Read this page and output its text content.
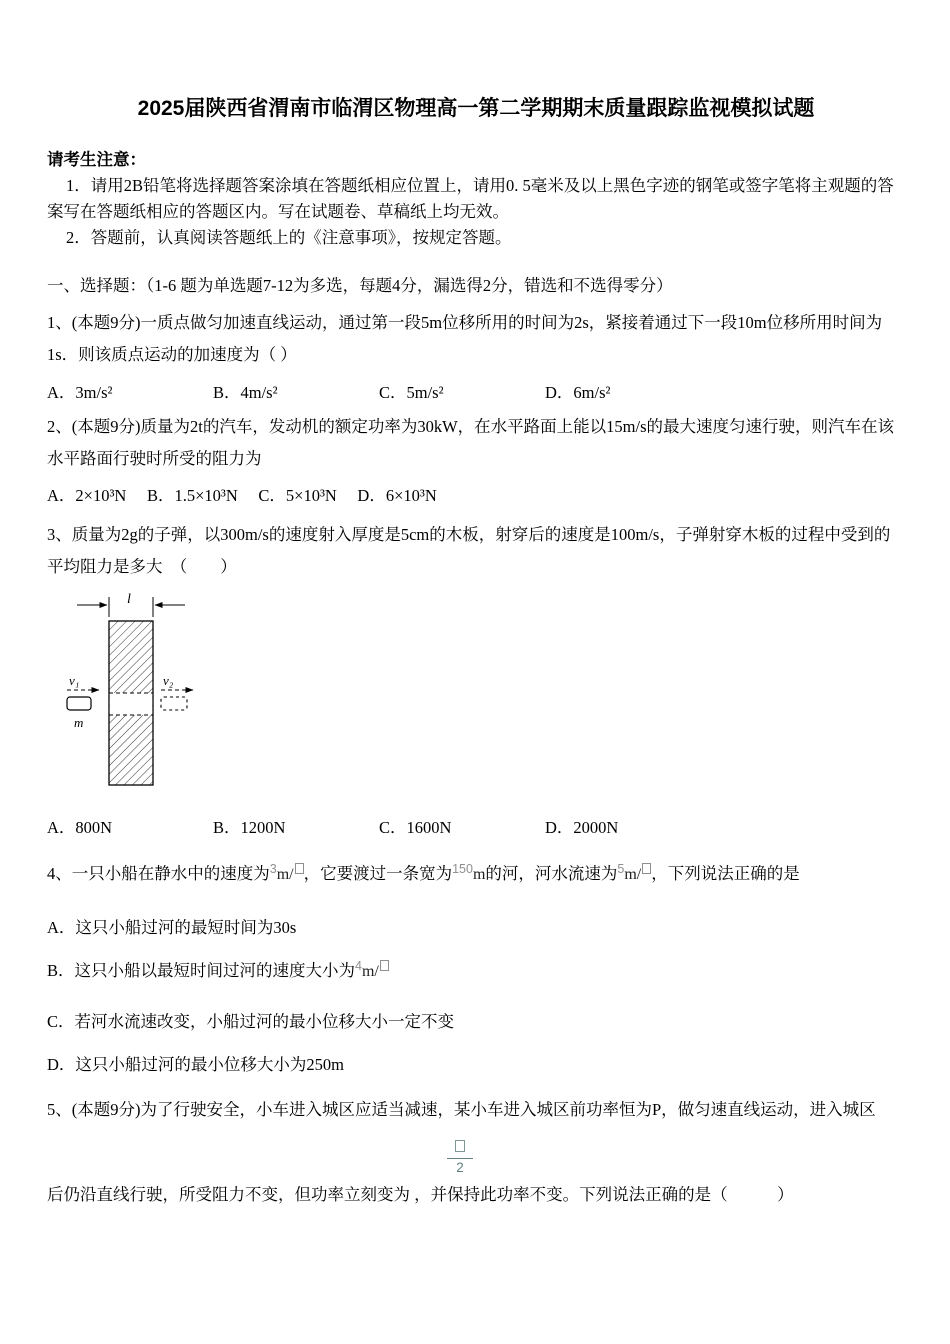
2025届陕西省渭南市临渭区物理高一第二学期期末质量跟踪监视模拟试题

请考生注意：

1．请用2B铅笔将选择题答案涂填在答题纸相应位置上，请用0. 5毫米及以上黑色字迹的钢笔或签字笔将主观题的答案写在答题纸相应的答题区内。写在试题卷、草稿纸上均无效。

2．答题前，认真阅读答题纸上的《注意事项》，按规定答题。

一、选择题：（1-6 题为单选题7-12为多选，每题4分，漏选得2分，错选和不选得零分）

1、(本题9分)一质点做匀加速直线运动，通过第一段5m位移所用的时间为2s，紧接着通过下一段10m位移所用时间为1s．则该质点运动的加速度为（ ）

A．3m/s²	B．4m/s²	C．5m/s²	D．6m/s²

2、(本题9分)质量为2t的汽车，发动机的额定功率为30kW，在水平路面上能以15m/s的最大速度匀速行驶，则汽车在该水平路面行驶时所受的阻力为

A．2×10³N　 B．1.5×10³N　 C．5×10³N　 D．6×10³N

3、质量为2g的子弹，以300m/s的速度射入厚度是5cm的木板，射穿后的速度是100m/s，子弹射穿木板的过程中受到的平均阻力是多大　（　　）

l
v₁
m
v₂
A．800N	B．1200N	C．1600N	D．2000N

4、一只小船在静水中的速度为$^3$m/ ，它要渡过一条宽为$^{150}$m的河，河水流速为$^5$m/ ，下列说法正确的是

A．这只小船过河的最短时间为30s

B．这只小船以最短时间过河的速度大小为$^4$m/

C．若河水流速改变，小船过河的最小位移大小一定不变

D．这只小船过河的最小位移大小为250m

5、(本题9分)为了行驶安全，小车进入城区应适当减速，某小车进入城区前功率恒为P，做匀速直线运动，进入城区

2

后仍沿直线行驶，所受阻力不变，但功率立刻变为 ，并保持此功率不变。下列说法正确的是（　　　）
